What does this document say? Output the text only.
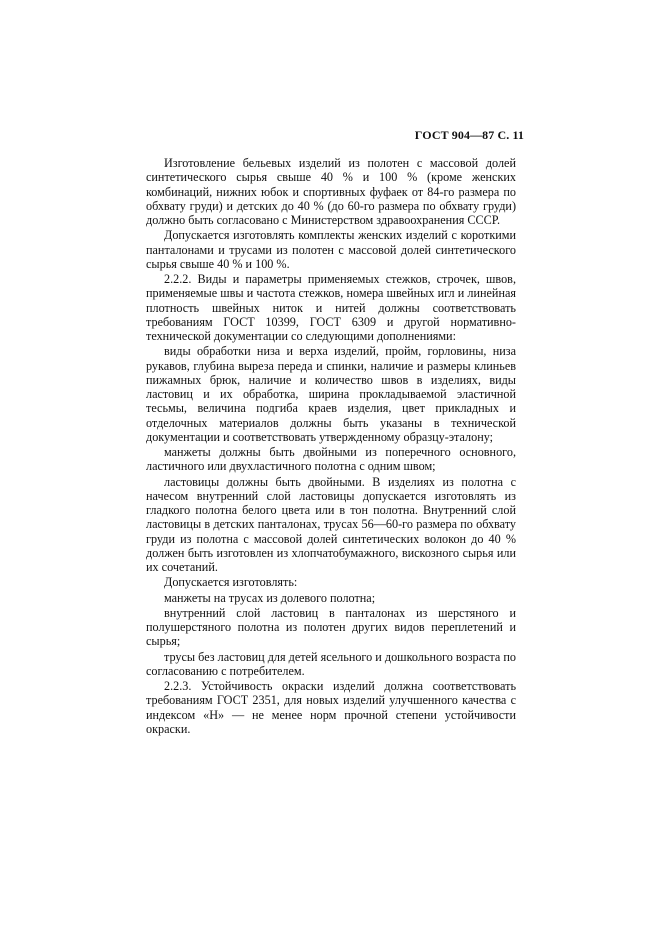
ГОСТ 904—87 С. 11

Изготовление бельевых изделий из полотен с массовой долей синтетического сырья свыше 40 % и 100 % (кроме женских комбинаций, нижних юбок и спортивных фуфаек от 84-го размера по обхвату груди) и детских до 40 % (до 60-го размера по обхвату груди) должно быть согласовано с Министерством здравоохранения СССР.

Допускается изготовлять комплекты женских изделий с короткими панталонами и трусами из полотен с массовой долей синтетического сырья свыше 40 % и 100 %.

2.2.2. Виды и параметры применяемых стежков, строчек, швов, применяемые швы и частота стежков, номера швейных игл и линейная плотность швейных ниток и нитей должны соответствовать требованиям ГОСТ 10399, ГОСТ 6309 и другой нормативно-технической документации со следующими дополнениями:

виды обработки низа и верха изделий, пройм, горловины, низа рукавов, глубина выреза переда и спинки, наличие и размеры клиньев пижамных брюк, наличие и количество швов в изделиях, виды ластовиц и их обработка, ширина прокладываемой эластичной тесьмы, величина подгиба краев изделия, цвет прикладных и отделочных материалов должны быть указаны в технической документации и соответствовать утвержденному образцу-эталону;

манжеты должны быть двойными из поперечного основного, ластичного или двухластичного полотна с одним швом;

ластовицы должны быть двойными. В изделиях из полотна с начесом внутренний слой ластовицы допускается изготовлять из гладкого полотна белого цвета или в тон полотна. Внутренний слой ластовицы в детских панталонах, трусах 56—60-го размера по обхвату груди из полотна с массовой долей синтетических волокон до 40 % должен быть изготовлен из хлопчатобумажного, вискозного сырья или их сочетаний.

Допускается изготовлять:

манжеты на трусах из долевого полотна;

внутренний слой ластовиц в панталонах из шерстяного и полушерстяного полотна из полотен других видов переплетений и сырья;

трусы без ластовиц для детей ясельного и дошкольного возраста по согласованию с потребителем.

2.2.3. Устойчивость окраски изделий должна соответствовать требованиям ГОСТ 2351, для новых изделий улучшенного качества с индексом «Н» — не менее норм прочной степени устойчивости окраски.
